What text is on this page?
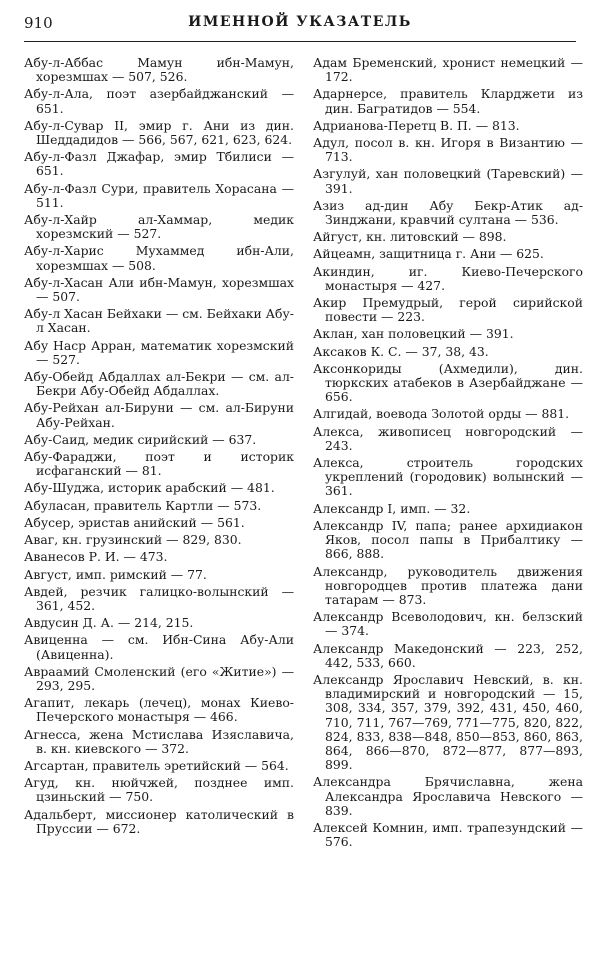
910	ИМЕННОЙ УКАЗАТЕЛЬ

Абу-л-Аббас Мамун ибн-Мамун, хорезмшах — 507, 526.

Абу-л-Ала, поэт азербайджанский — 651.

Абу-л-Сувар II, эмир г. Ани из дин. Шеддадидов — 566, 567, 621, 623, 624.

Абу-л-Фазл Джафар, эмир Тбилиси — 651.

Абу-л-Фазл Сури, правитель Хорасана — 511.

Абу-л-Хайр ал-Хаммар, медик хорезмский — 527.

Абу-л-Харис Мухаммед ибн-Али, хорезмшах — 508.

Абу-л-Хасан Али ибн-Мамун, хорезмшах — 507.

Абу-л Хасан Бейхаки — см. Бейхаки Абу-л Хасан.

Абу Наср Арран, математик хорезмский — 527.

Абу-Обейд Абдаллах ал-Бекри — см. ал-Бекри Абу-Обейд Абдаллах.

Абу-Рейхан ал-Бируни — см. ал-Бируни Абу-Рейхан.

Абу-Саид, медик сирийский — 637.

Абу-Фараджи, поэт и историк исфаганский — 81.

Абу-Шуджа, историк арабский — 481.

Абуласан, правитель Картли — 573.

Абусер, эристав анийский — 561.

Аваг, кн. грузинский — 829, 830.

Аванесов Р. И. — 473.

Август, имп. римский — 77.

Авдей, резчик галицко-волынский — 361, 452.

Авдусин Д. А. — 214, 215.

Авиценна — см. Ибн-Сина Абу-Али (Авиценна).

Авраамий Смоленский (его «Житие») — 293, 295.

Агапит, лекарь (лечец), монах Киево-Печерского монастыря — 466.

Агнесса, жена Мстислава Изяславича, в. кн. киевского — 372.

Агсартан, правитель эретийский — 564.

Агуд, кн. нюйчжей, позднее имп. цзиньский — 750.

Адальберт, миссионер католический в Пруссии — 672.

Адам Бременский, хронист немецкий — 172.

Адарнерсе, правитель Кларджети из дин. Багратидов — 554.

Адрианова-Перетц В. П. — 813.

Адул, посол в. кн. Игоря в Византию — 713.

Азгулуй, хан половецкий (Таревский) — 391.

Азиз ад-дин Абу Бекр-Атик ад-Зинджани, кравчий султана — 536.

Айгуст, кн. литовский — 898.

Айцеамн, защитница г. Ани — 625.

Акиндин, иг. Киево-Печерского монастыря — 427.

Акир Премудрый, герой сирийской повести — 223.

Аклан, хан половецкий — 391.

Аксаков К. С. — 37, 38, 43.

Аксонкориды (Ахмедили), дин. тюркских атабеков в Азербайджане — 656.

Алгидай, воевода Золотой орды — 881.

Алекса, живописец новгородский — 243.

Алекса, строитель городских укреплений (городовик) волынский — 361.

Александр I, имп. — 32.

Александр IV, папа; ранее архидиакон Яков, посол папы в Прибалтику — 866, 888.

Александр, руководитель движения новгородцев против платежа дани татарам — 873.

Александр Всеволодович, кн. белзский — 374.

Александр Македонский — 223, 252, 442, 533, 660.

Александр Ярославич Невский, в. кн. владимирский и новгородский — 15, 308, 334, 357, 379, 392, 431, 450, 460, 710, 711, 767—769, 771—775, 820, 822, 824, 833, 838—848, 850—853, 860, 863, 864, 866—870, 872—877, 877—893, 899.

Александра Брячиславна, жена Александра Ярославича Невского — 839.

Алексей Комнин, имп. трапезундский — 576.
